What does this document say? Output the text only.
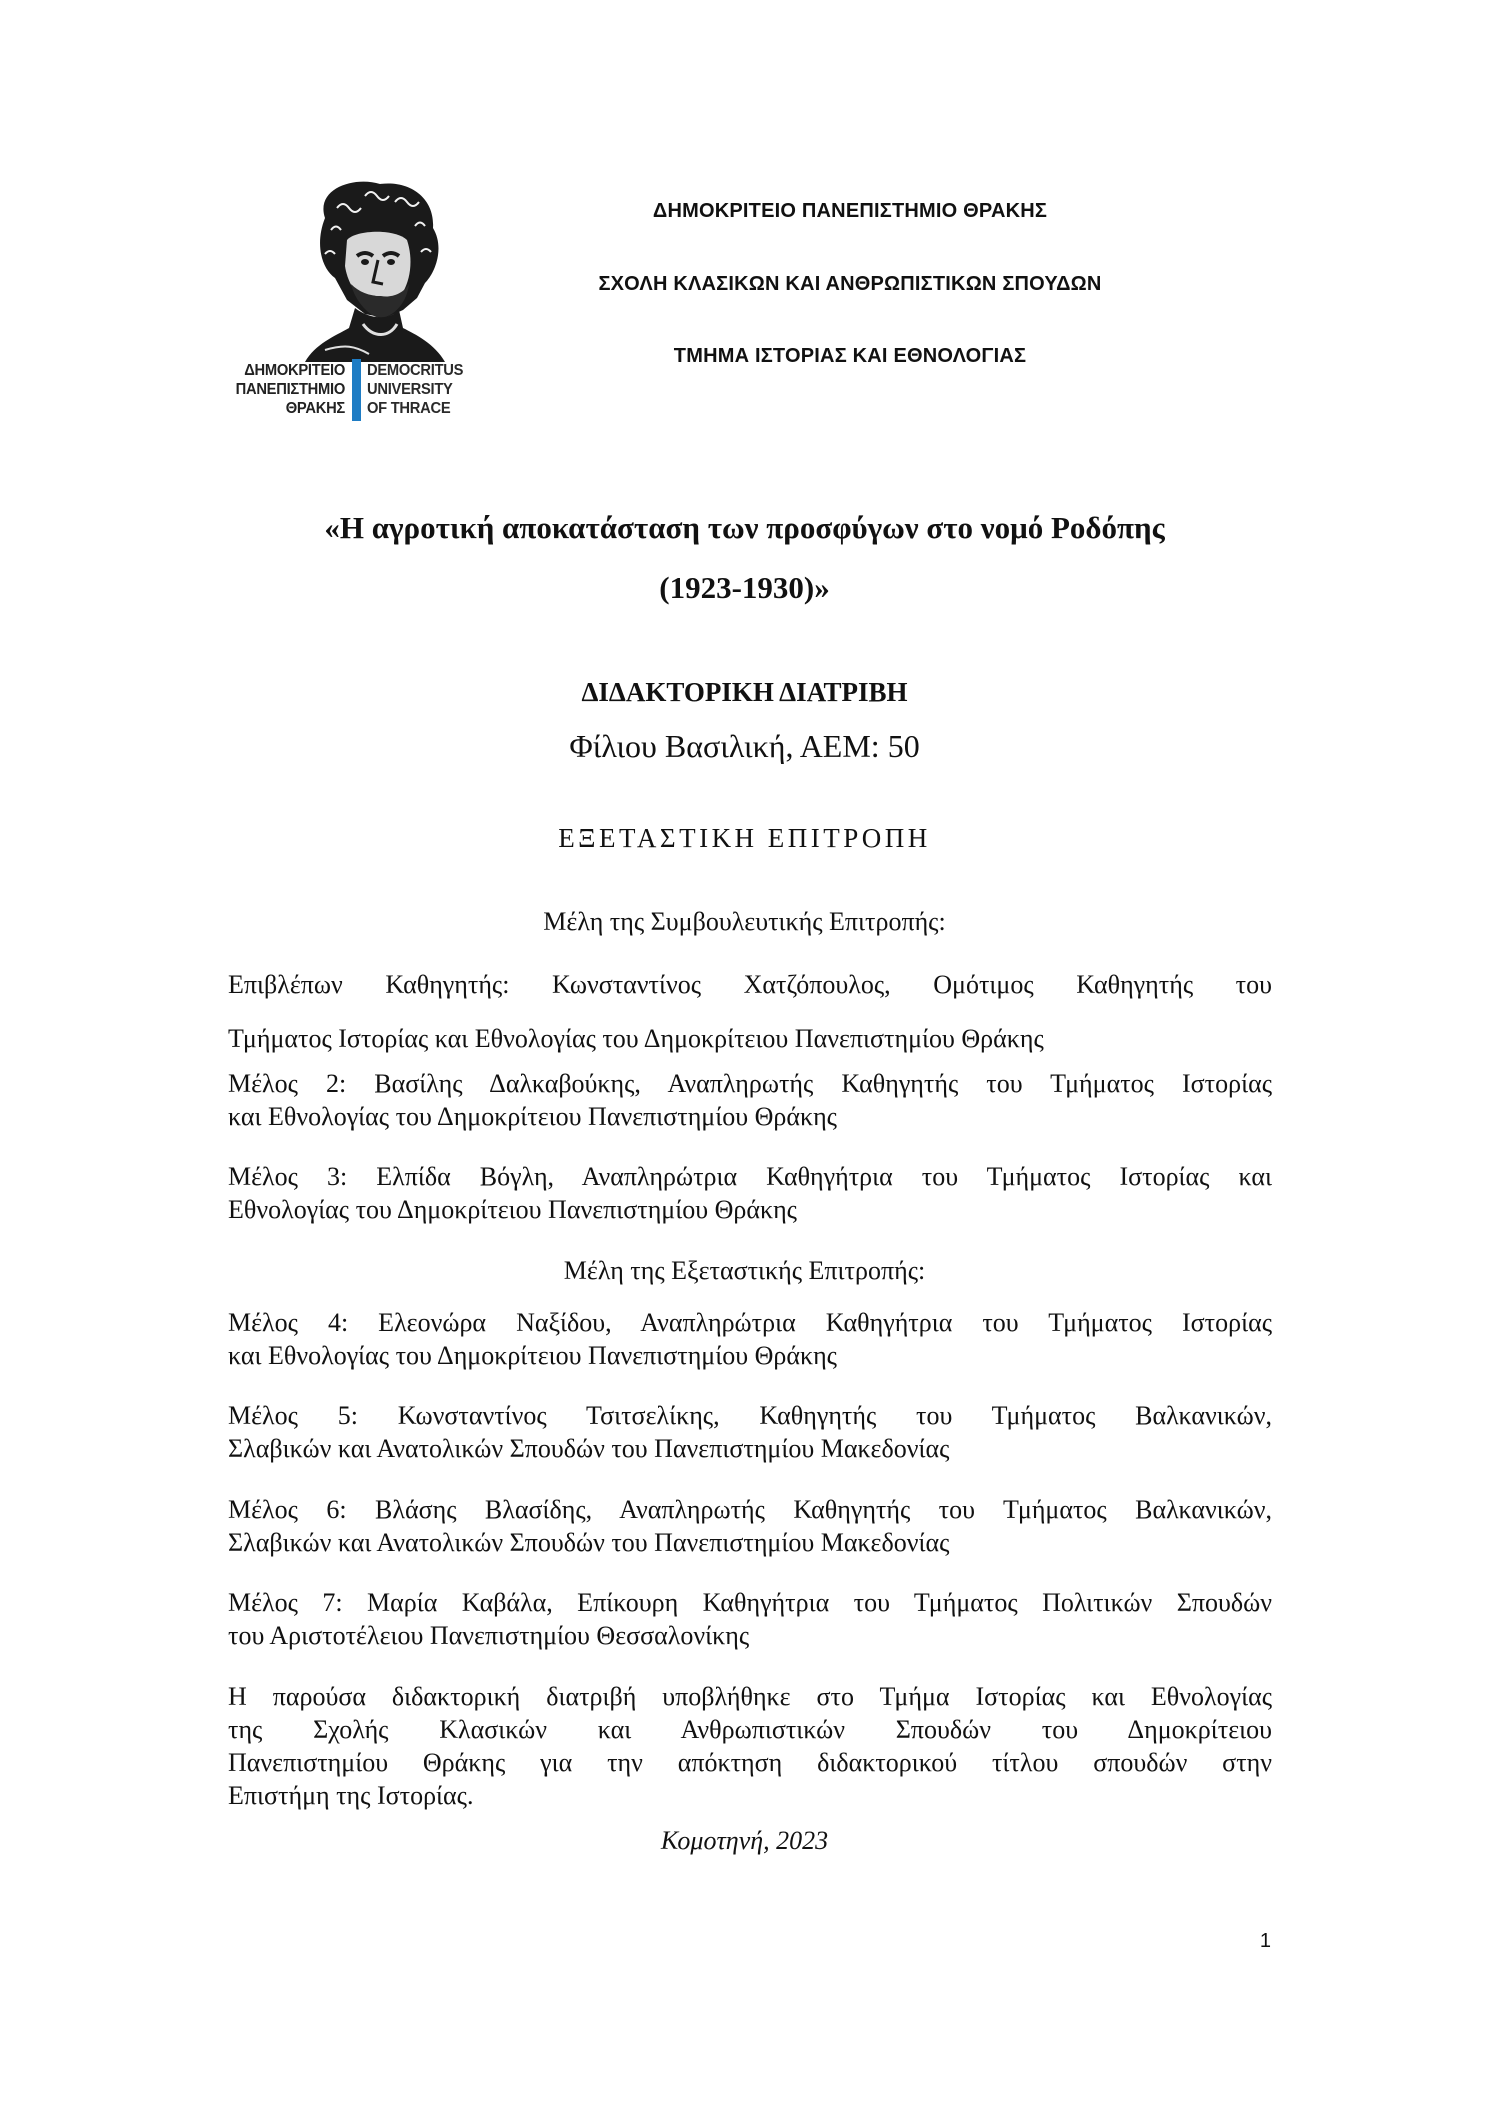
ΔΗΜΟΚΡΙΤΕΙΟ
ΠΑΝΕΠΙΣΤΗΜΙΟ
ΘΡΑΚΗΣ
DEMOCRITUS
UNIVERSITY
OF THRACE
ΔΗΜΟΚΡΙΤΕΙΟ ΠΑΝΕΠΙΣΤΗΜΙΟ ΘΡΑΚΗΣ
ΣΧΟΛΗ ΚΛΑΣΙΚΩΝ ΚΑΙ ΑΝΘΡΩΠΙΣΤΙΚΩΝ ΣΠΟΥΔΩΝ
ΤΜΗΜΑ ΙΣΤΟΡΙΑΣ ΚΑΙ ΕΘΝΟΛΟΓΙΑΣ
«Η αγροτική αποκατάσταση των προσφύγων στο νομό Ροδόπης
(1923-1930)»
ΔΙΔΑΚΤΟΡΙΚΗ ΔΙΑΤΡΙΒΗ
Φίλιου Βασιλική, ΑΕΜ: 50
ΕΞΕΤΑΣΤΙΚΗ ΕΠΙΤΡΟΠΗ
Μέλη της Συμβουλευτικής Επιτροπής:
Επιβλέπων Καθηγητής: Κωνσταντίνος Χατζόπουλος, Ομότιμος Καθηγητής του
Τμήματος Ιστορίας και Εθνολογίας του Δημοκρίτειου Πανεπιστημίου Θράκης
Μέλος 2: Βασίλης Δαλκαβούκης, Αναπληρωτής Καθηγητής του Τμήματος Ιστορίας
και Εθνολογίας του Δημοκρίτειου Πανεπιστημίου Θράκης
Μέλος 3: Ελπίδα Βόγλη, Αναπληρώτρια Καθηγήτρια του Τμήματος Ιστορίας και
Εθνολογίας του Δημοκρίτειου Πανεπιστημίου Θράκης
Μέλη της Εξεταστικής Επιτροπής:
Μέλος 4: Ελεονώρα Ναξίδου, Αναπληρώτρια Καθηγήτρια του Τμήματος Ιστορίας
και Εθνολογίας του Δημοκρίτειου Πανεπιστημίου Θράκης
Μέλος 5: Κωνσταντίνος Τσιτσελίκης, Καθηγητής του Τμήματος Βαλκανικών,
Σλαβικών και Ανατολικών Σπουδών του Πανεπιστημίου Μακεδονίας
Μέλος 6: Βλάσης Βλασίδης, Αναπληρωτής Καθηγητής του Τμήματος Βαλκανικών,
Σλαβικών και Ανατολικών Σπουδών του Πανεπιστημίου Μακεδονίας
Μέλος 7: Μαρία Καβάλα, Επίκουρη Καθηγήτρια του Τμήματος Πολιτικών Σπουδών
του Αριστοτέλειου Πανεπιστημίου Θεσσαλονίκης
Η παρούσα διδακτορική διατριβή υποβλήθηκε στο Τμήμα Ιστορίας και Εθνολογίας
της Σχολής Κλασικών και Ανθρωπιστικών Σπουδών του Δημοκρίτειου
Πανεπιστημίου Θράκης για την απόκτηση διδακτορικού τίτλου σπουδών στην
Επιστήμη της Ιστορίας.
Κομοτηνή, 2023
1
